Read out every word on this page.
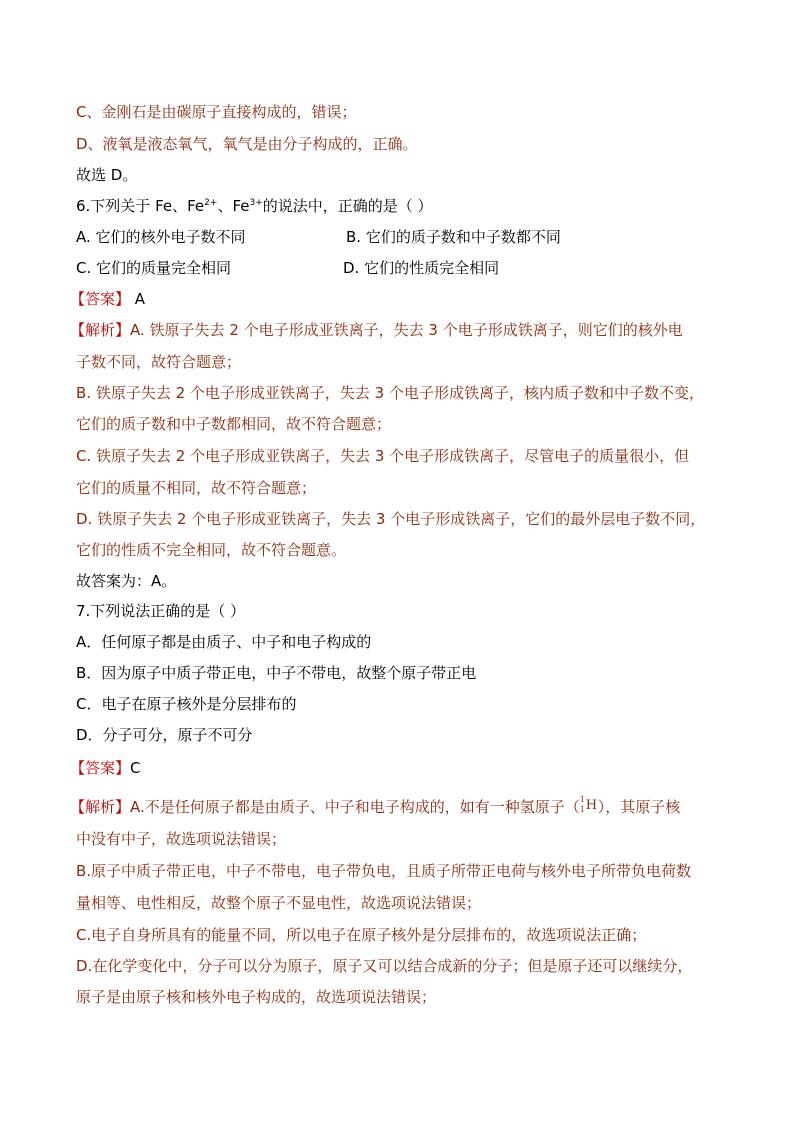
C、金刚石是由碳原子直接构成的，错误；
D、液氧是液态氧气，氧气是由分子构成的，正确。
故选 D。
6.下列关于 Fe、$Fe^{2+}$、$Fe^{3+}$的说法中，正确的是（ ）
A. 它们的核外电子数不同	B. 它们的质子数和中子数都不同
C. 它们的质量完全相同	D. 它们的性质完全相同
【答案】 A
【解析】A. 铁原子失去 2 个电子形成亚铁离子，失去 3 个电子形成铁离子，则它们的核外电
子数不同，故符合题意；
B. 铁原子失去 2 个电子形成亚铁离子，失去 3 个电子形成铁离子，核内质子数和中子数不变，
它们的质子数和中子数都相同，故不符合题意；
C. 铁原子失去 2 个电子形成亚铁离子，失去 3 个电子形成铁离子，尽管电子的质量很小，但
它们的质量不相同，故不符合题意；
D. 铁原子失去 2 个电子形成亚铁离子，失去 3 个电子形成铁离子，它们的最外层电子数不同，
它们的性质不完全相同，故不符合题意。
故答案为：A。
7.下列说法正确的是（ ）
A．任何原子都是由质子、中子和电子构成的
B．因为原子中质子带正电，中子不带电，故整个原子带正电
C．电子在原子核外是分层排布的
D．分子可分，原子不可分
【答案】C
【解析】A.不是任何原子都是由质子、中子和电子构成的，如有一种氢原子（ 1
1 H ），其原子核
中没有中子，故选项说法错误；
B.原子中质子带正电，中子不带电，电子带负电，且质子所带正电荷与核外电子所带负电荷数
量相等、电性相反，故整个原子不显电性，故选项说法错误；
C.电子自身所具有的能量不同，所以电子在原子核外是分层排布的，故选项说法正确；
D.在化学变化中，分子可以分为原子，原子又可以结合成新的分子；但是原子还可以继续分，
原子是由原子核和核外电子构成的，故选项说法错误；
